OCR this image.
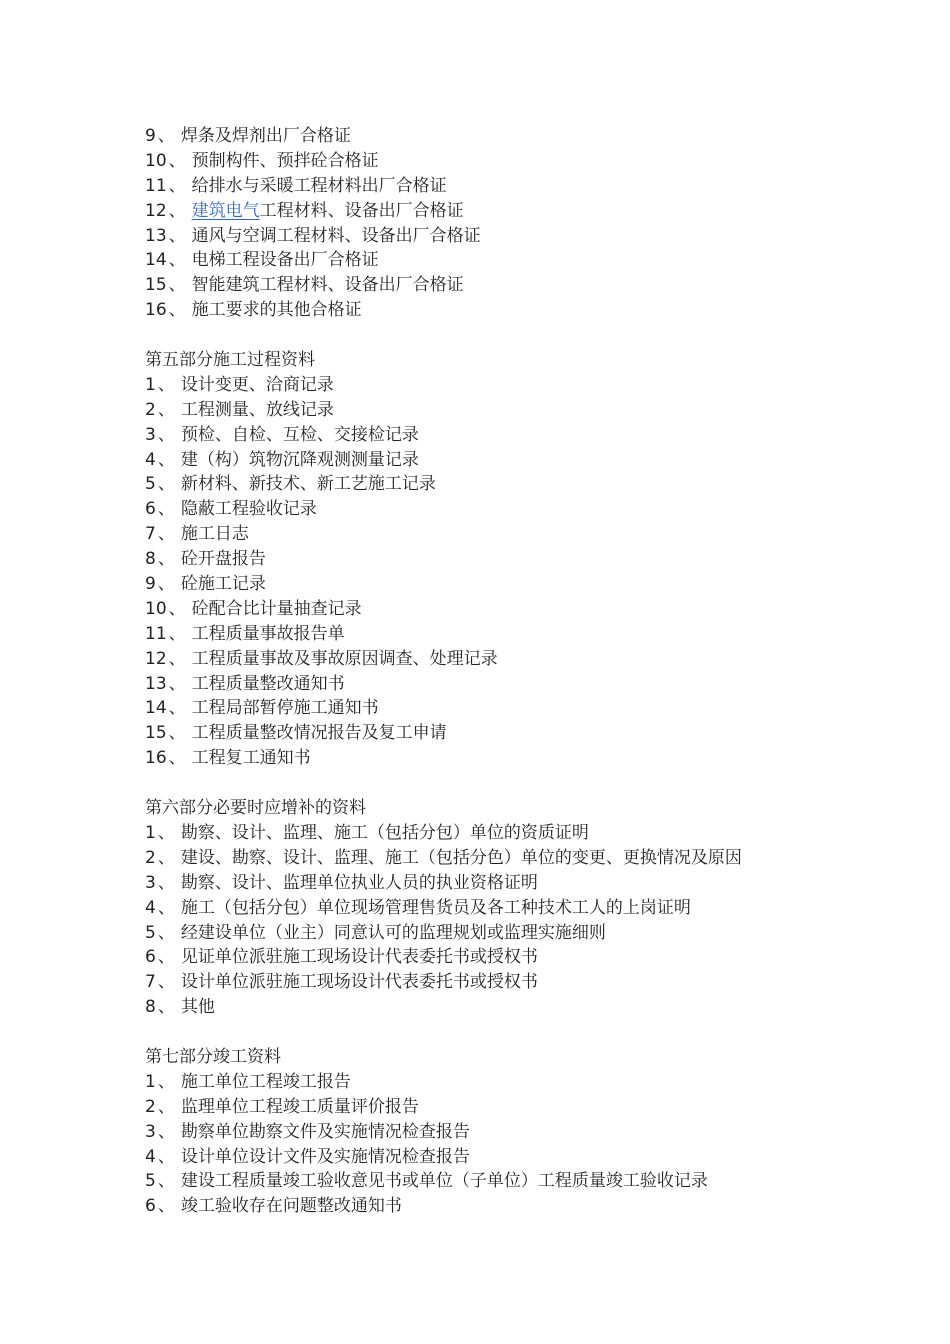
9 、 焊条及焊剂出厂合格证
10 、 预制构件、预拌砼合格证
11 、 给排水与采暖工程材料出厂合格证
12 、 建筑电气工程材料、设备出厂合格证
13 、 通风与空调工程材料、设备出厂合格证
14 、 电梯工程设备出厂合格证
15 、 智能建筑工程材料、设备出厂合格证
16 、 施工要求的其他合格证
第五部分施工过程资料
1 、 设计变更、洽商记录
2 、 工程测量、放线记录
3 、 预检、自检、互检、交接检记录
4 、 建（构）筑物沉降观测测量记录
5 、 新材料、新技术、新工艺施工记录
6 、 隐蔽工程验收记录
7 、 施工日志
8 、 砼开盘报告
9 、 砼施工记录
10 、 砼配合比计量抽查记录
11 、 工程质量事故报告单
12 、 工程质量事故及事故原因调查、处理记录
13 、 工程质量整改通知书
14 、 工程局部暂停施工通知书
15 、 工程质量整改情况报告及复工申请
16 、 工程复工通知书
第六部分必要时应增补的资料
1 、 勘察、设计、监理、施工（包括分包）单位的资质证明
2 、 建设、勘察、设计、监理、施工（包括分色）单位的变更、更换情况及原因
3 、 勘察、设计、监理单位执业人员的执业资格证明
4 、 施工（包括分包）单位现场管理售货员及各工种技术工人的上岗证明
5 、 经建设单位（业主）同意认可的监理规划或监理实施细则
6 、 见证单位派驻施工现场设计代表委托书或授权书
7 、 设计单位派驻施工现场设计代表委托书或授权书
8 、 其他
第七部分竣工资料
1 、 施工单位工程竣工报告
2 、 监理单位工程竣工质量评价报告
3 、 勘察单位勘察文件及实施情况检查报告
4 、 设计单位设计文件及实施情况检查报告
5 、 建设工程质量竣工验收意见书或单位（子单位）工程质量竣工验收记录
6 、 竣工验收存在问题整改通知书
